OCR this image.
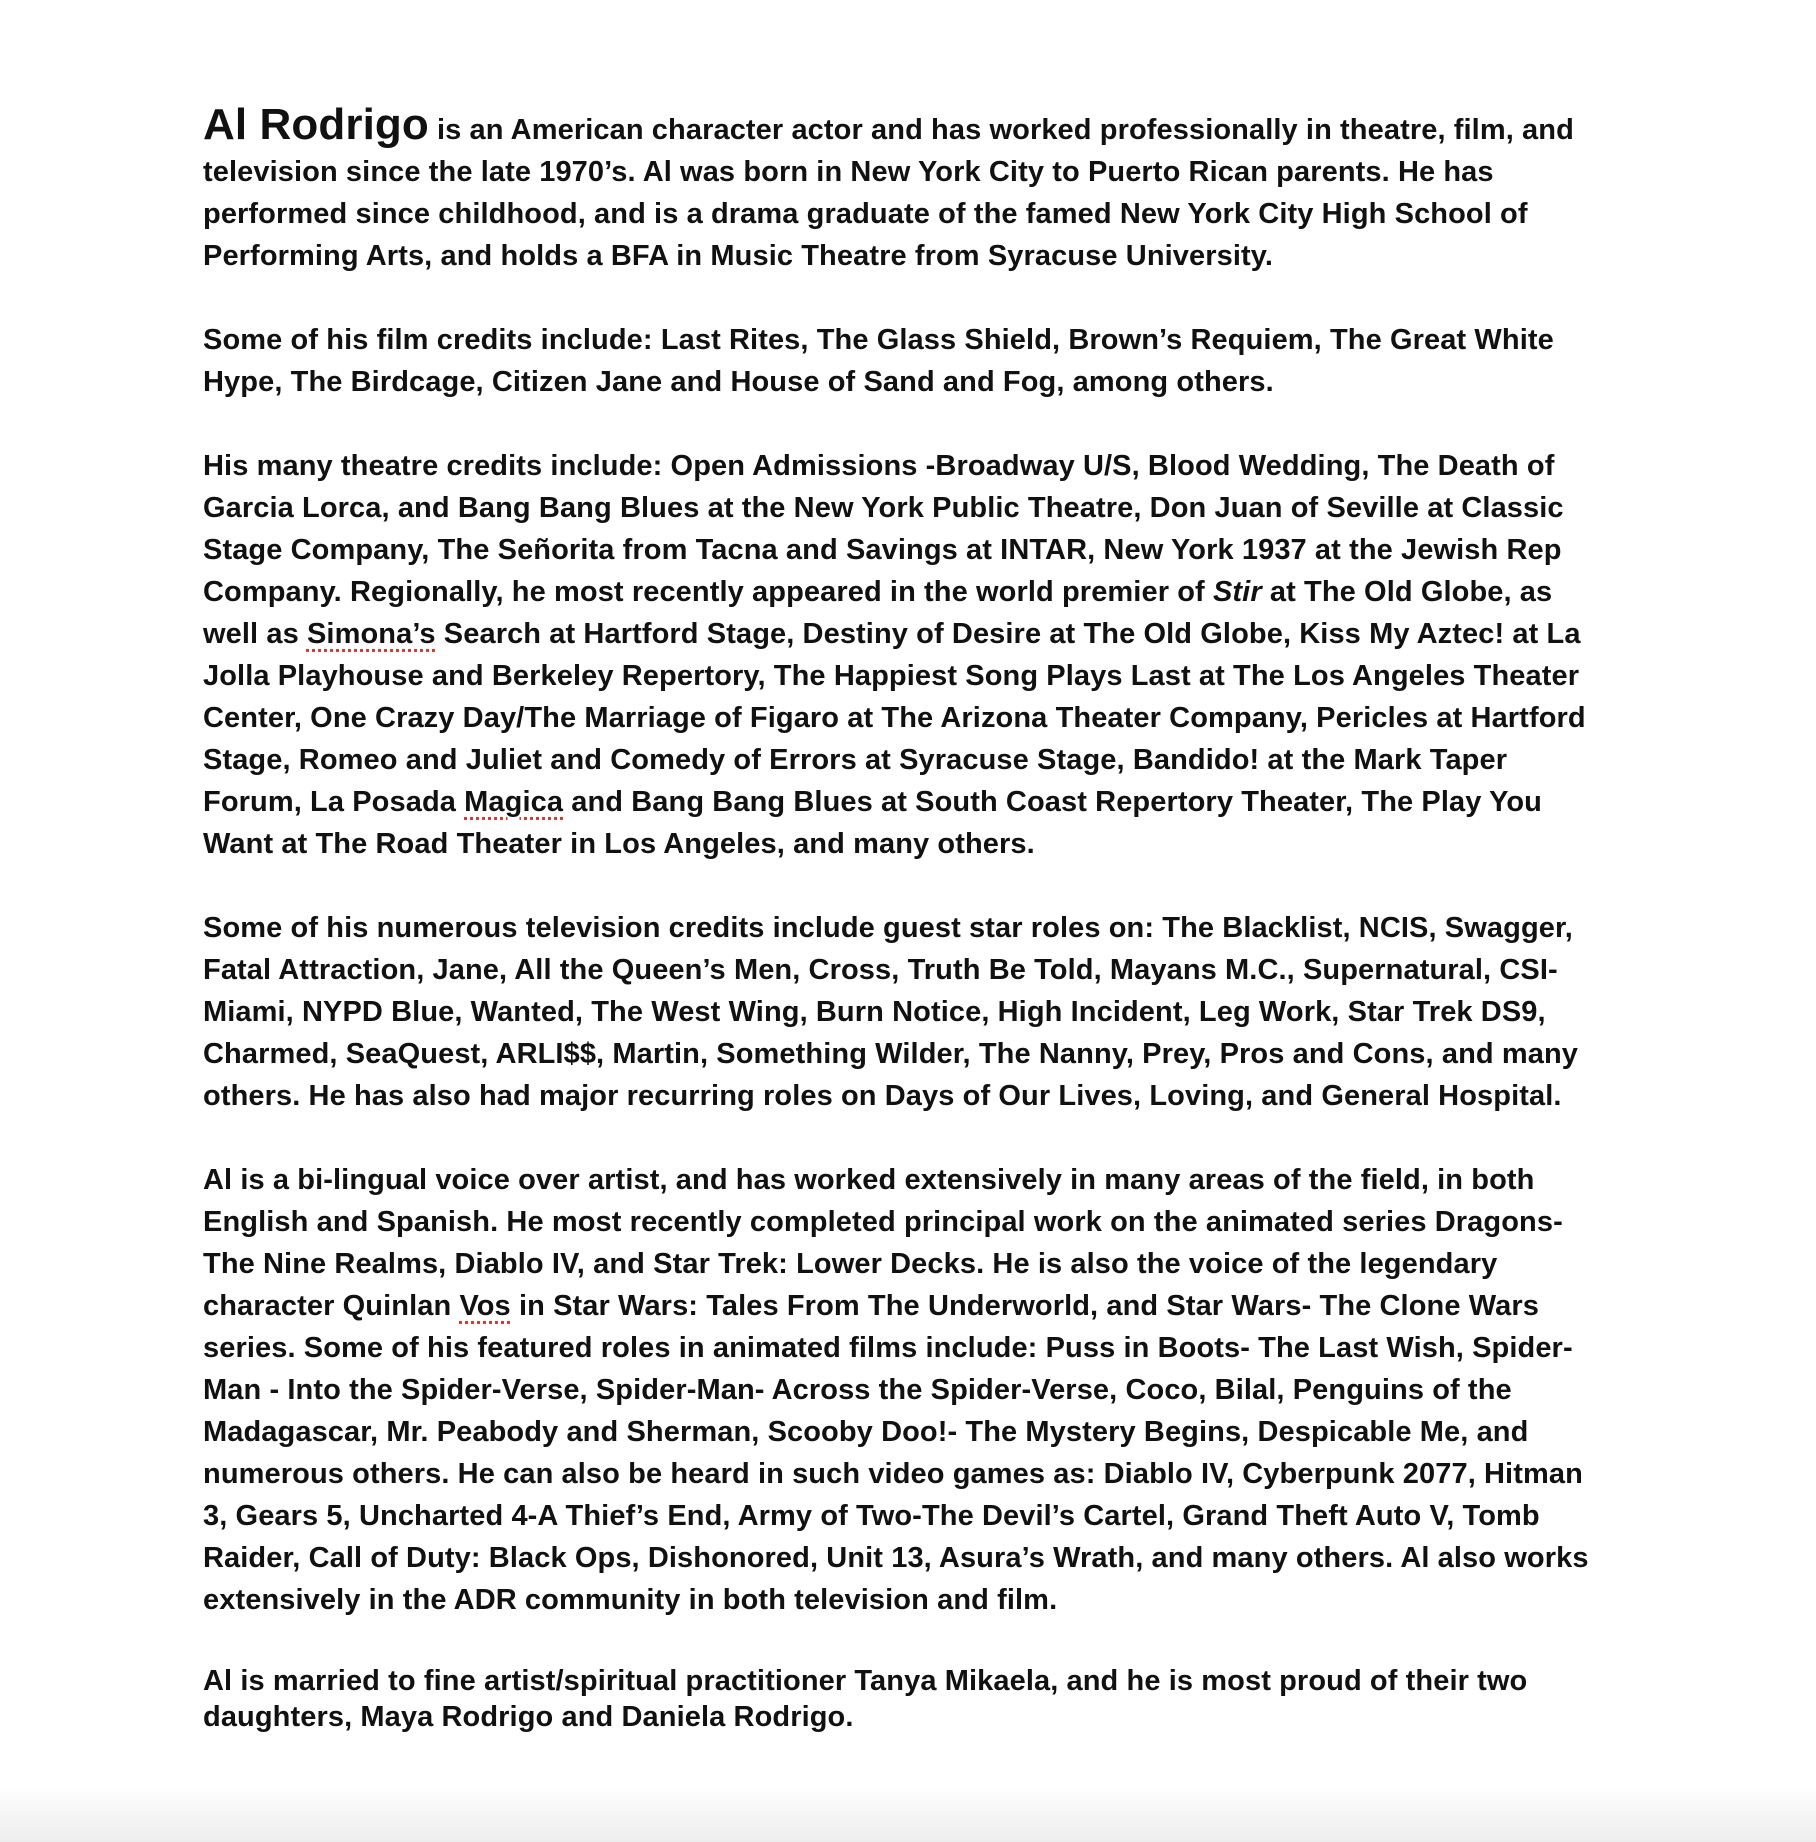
Al Rodrigo is an American character actor and has worked professionally in theatre, film, and television since the late 1970’s. Al was born in New York City to Puerto Rican parents. He has performed since childhood, and is a drama graduate of the famed New York City High School of Performing Arts, and holds a BFA in Music Theatre from Syracuse University.

Some of his film credits include: Last Rites, The Glass Shield, Brown’s Requiem, The Great White Hype, The Birdcage, Citizen Jane and House of Sand and Fog, among others.

His many theatre credits include: Open Admissions -Broadway U/S, Blood Wedding, The Death of Garcia Lorca, and Bang Bang Blues at the New York Public Theatre, Don Juan of Seville at Classic Stage Company, The Señorita from Tacna and Savings at INTAR, New York 1937 at the Jewish Rep Company. Regionally, he most recently appeared in the world premier of Stir at The Old Globe, as well as Simona’s Search at Hartford Stage, Destiny of Desire at The Old Globe, Kiss My Aztec! at La Jolla Playhouse and Berkeley Repertory, The Happiest Song Plays Last at The Los Angeles Theater Center, One Crazy Day/The Marriage of Figaro at The Arizona Theater Company, Pericles at Hartford Stage, Romeo and Juliet and Comedy of Errors at Syracuse Stage, Bandido! at the Mark Taper Forum, La Posada Magica and Bang Bang Blues at South Coast Repertory Theater, The Play You Want at The Road Theater in Los Angeles, and many others.

Some of his numerous television credits include guest star roles on: The Blacklist, NCIS, Swagger, Fatal Attraction, Jane, All the Queen’s Men, Cross, Truth Be Told, Mayans M.C., Supernatural, CSI-Miami, NYPD Blue, Wanted, The West Wing, Burn Notice, High Incident, Leg Work, Star Trek DS9, Charmed, SeaQuest, ARLI$$, Martin, Something Wilder, The Nanny, Prey, Pros and Cons, and many others. He has also had major recurring roles on Days of Our Lives, Loving, and General Hospital.

Al is a bi-lingual voice over artist, and has worked extensively in many areas of the field, in both English and Spanish. He most recently completed principal work on the animated series Dragons-The Nine Realms, Diablo IV, and Star Trek: Lower Decks. He is also the voice of the legendary character Quinlan Vos in Star Wars: Tales From The Underworld, and Star Wars- The Clone Wars series. Some of his featured roles in animated films include: Puss in Boots- The Last Wish, Spider-Man - Into the Spider-Verse, Spider-Man- Across the Spider-Verse, Coco, Bilal, Penguins of the Madagascar, Mr. Peabody and Sherman, Scooby Doo!- The Mystery Begins, Despicable Me, and numerous others. He can also be heard in such video games as: Diablo IV, Cyberpunk 2077, Hitman 3, Gears 5, Uncharted 4-A Thief’s End, Army of Two-The Devil’s Cartel, Grand Theft Auto V, Tomb Raider, Call of Duty: Black Ops, Dishonored, Unit 13, Asura’s Wrath, and many others. Al also works extensively in the ADR community in both television and film.

Al is married to fine artist/spiritual practitioner Tanya Mikaela, and he is most proud of their two daughters, Maya Rodrigo and Daniela Rodrigo.
